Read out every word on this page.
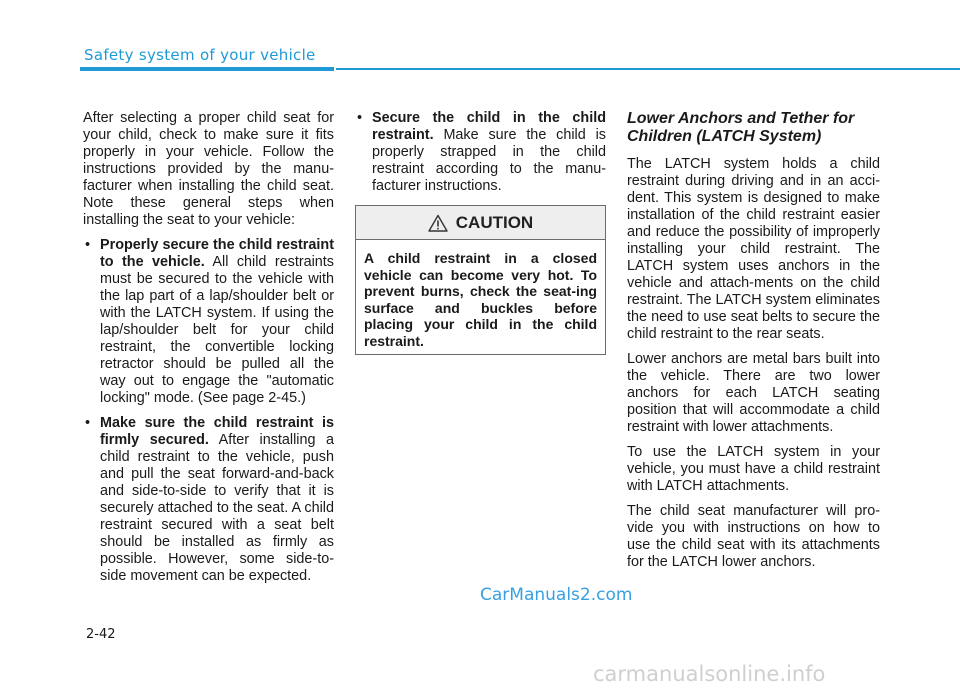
Safety system of your vehicle

After selecting a proper child seat for your child, check to make sure it fits properly in your vehicle. Follow the instructions provided by the manu-facturer when installing the child seat. Note these general steps when installing the seat to your vehicle:

• Properly secure the child restraint to the vehicle. All child restraints must be secured to the vehicle with the lap part of a lap/shoulder belt or with the LATCH system. If using the lap/shoulder belt for your child restraint, the convertible locking retractor should be pulled all the way out to engage the "automatic locking" mode. (See page 2-45.)
• Make sure the child restraint is firmly secured. After installing a child restraint to the vehicle, push and pull the seat forward-and-back and side-to-side to verify that it is securely attached to the seat. A child restraint secured with a seat belt should be installed as firmly as possible. However, some side-to-side movement can be expected.
• Secure the child in the child restraint. Make sure the child is properly strapped in the child restraint according to the manu-facturer instructions.
CAUTION
A child restraint in a closed vehicle can become very hot. To prevent burns, check the seat-ing surface and buckles before placing your child in the child restraint.
Lower Anchors and Tether for Children (LATCH System)

The LATCH system holds a child restraint during driving and in an acci-dent. This system is designed to make installation of the child restraint easier and reduce the possibility of improperly installing your child restraint. The LATCH system uses anchors in the vehicle and attach-ments on the child restraint. The LATCH system eliminates the need to use seat belts to secure the child restraint to the rear seats.

Lower anchors are metal bars built into the vehicle. There are two lower anchors for each LATCH seating position that will accommodate a child restraint with lower attachments.

To use the LATCH system in your vehicle, you must have a child restraint with LATCH attachments.

The child seat manufacturer will pro-vide you with instructions on how to use the child seat with its attachments for the LATCH lower anchors.

CarManuals2.com
2-42
carmanualsonline.info
